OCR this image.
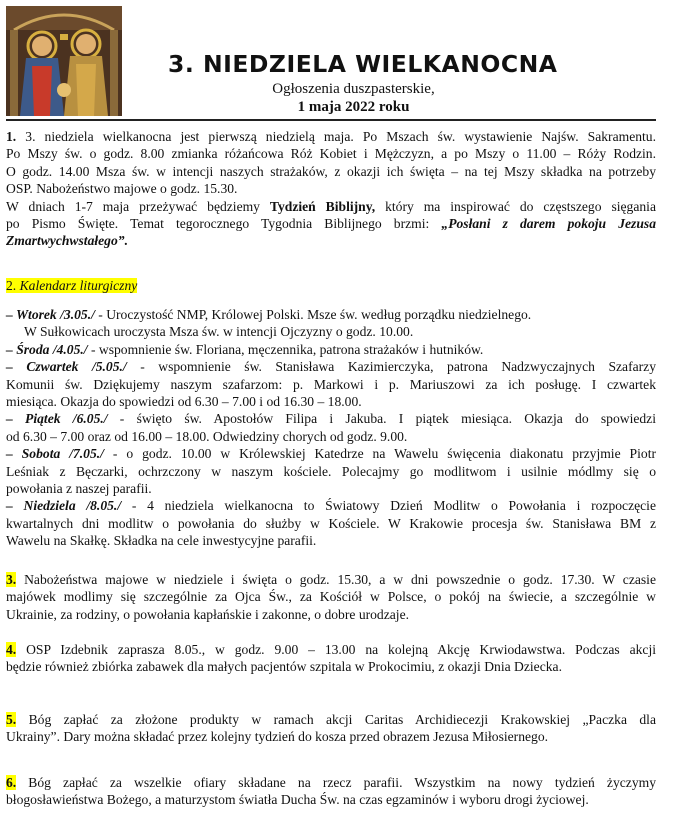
3. NIEDZIELA WIELKANOCNA
Ogłoszenia duszpasterskie,
1 maja 2022 roku
1. 3. niedziela wielkanocna jest pierwszą niedzielą maja. Po Mszach św. wystawienie Najśw. Sakramentu.
Po Mszy św. o godz. 8.00 zmianka różańcowa Róż Kobiet i Mężczyzn, a po Mszy o 11.00 – Róży Rodzin.
O godz. 14.00 Msza św. w intencji naszych strażaków, z okazji ich święta – na tej Mszy składka na potrzeby
OSP. Nabożeństwo majowe o godz. 15.30.
W dniach 1-7 maja przeżywać będziemy Tydzień Biblijny, który ma inspirować do częstszego sięgania
po Pismo Święte. Temat tegorocznego Tygodnia Biblijnego brzmi: „Posłani z darem pokoju Jezusa
Zmartwychwstałego”.
2. Kalendarz liturgiczny
– Wtorek /3.05./ - Uroczystość NMP, Królowej Polski. Msze św. według porządku niedzielnego.
W Sułkowicach uroczysta Msza św. w intencji Ojczyzny o godz. 10.00.
– Środa /4.05./ - wspomnienie św. Floriana, męczennika, patrona strażaków i hutników.
– Czwartek /5.05./ - wspomnienie św. Stanisława Kazimierczyka, patrona Nadzwyczajnych Szafarzy
Komunii św. Dziękujemy naszym szafarzom: p. Markowi i p. Mariuszowi za ich posługę. I czwartek
miesiąca. Okazja do spowiedzi od 6.30 – 7.00 i od 16.30 – 18.00.
– Piątek /6.05./ - święto św. Apostołów Filipa i Jakuba. I piątek miesiąca. Okazja do spowiedzi
od 6.30 – 7.00 oraz od 16.00 – 18.00. Odwiedziny chorych od godz. 9.00.
– Sobota /7.05./ - o godz. 10.00 w Królewskiej Katedrze na Wawelu święcenia diakonatu przyjmie Piotr
Leśniak z Bęczarki, ochrzczony w naszym kościele. Polecajmy go modlitwom i usilnie módlmy się o
powołania z naszej parafii.
– Niedziela /8.05./ - 4 niedziela wielkanocna to Światowy Dzień Modlitw o Powołania i rozpoczęcie
kwartalnych dni modlitw o powołania do służby w Kościele. W Krakowie procesja św. Stanisława BM z
Wawelu na Skałkę. Składka na cele inwestycyjne parafii.
3. Nabożeństwa majowe w niedziele i święta o godz. 15.30, a w dni powszednie o godz. 17.30. W czasie
majówek modlimy się szczególnie za Ojca Św., za Kościół w Polsce, o pokój na świecie, a szczególnie w
Ukrainie, za rodziny, o powołania kapłańskie i zakonne, o dobre urodzaje.
4. OSP Izdebnik zaprasza 8.05., w godz. 9.00 – 13.00 na kolejną Akcję Krwiodawstwa. Podczas akcji
będzie również zbiórka zabawek dla małych pacjentów szpitala w Prokocimiu, z okazji Dnia Dziecka.
5. Bóg zapłać za złożone produkty w ramach akcji Caritas Archidiecezji Krakowskiej „Paczka dla
Ukrainy”. Dary można składać przez kolejny tydzień do kosza przed obrazem Jezusa Miłosiernego.
6. Bóg zapłać za wszelkie ofiary składane na rzecz parafii. Wszystkim na nowy tydzień życzymy
błogosławieństwa Bożego, a maturzystom światła Ducha Św. na czas egzaminów i wyboru drogi życiowej.
